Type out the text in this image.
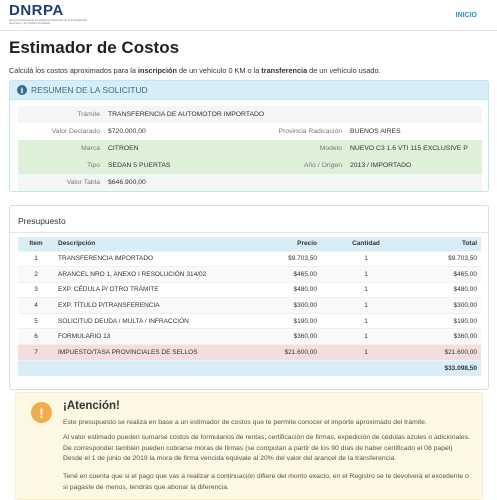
DNRPA
Dirección Nacional de los Registros Nacionales de la Propiedad del Automotor y de Créditos Prendarios
INICIO
Estimador de Costos

Calculá los costos aproximados para la inscripción de un vehículo 0 KM o la transferencia de un vehículo usado.

i RESUMEN DE LA SOLICITUD
Trámite	TRANSFERENCIA DE AUTOMOTOR IMPORTADO
Valor Declarado	$720.000,00	Provincia Radicación	BUENOS AIRES
Marca	CITROEN	Modelo	NUEVO C3 1.6 VTI 115 EXCLUSIVE P
Tipo	SEDAN 5 PUERTAS	Año / Origen	2013 / IMPORTADO
Valor Tabla	$646.900,00
Presupuesto
Item	Descripción	Precio	Cantidad	Total
1	TRANSFERENCIA IMPORTADO	$9.703,50	1	$9.703,50
2	ARANCEL NRO 1, ANEXO I RESOLUCIÓN 314/02	$465,00	1	$465,00
3	EXP. CÉDULA P/ OTRO TRÁMITE	$480,00	1	$480,00
4	EXP. TÍTULO P/TRANSFERENCIA	$300,00	1	$300,00
5	SOLICITUD DEUDA / MULTA / INFRACCIÓN	$190,00	1	$190,00
6	FORMULARIO 13	$360,00	1	$360,00
7	IMPUESTO/TASA PROVINCIALES DE SELLOS	$21.600,00	1	$21.600,00
				$33.098,50
!	¡Atención!

Este presupuesto se realiza en base a un estimador de costos que te permite conocer el importe aproximado del trámite.

Al valor estimado pueden sumarse costos de formularios de rentas, certificación de firmas, expedición de cédulas azules o adicionales. De corresponder también pueden cobrarse moras de firmas (se computan a partir de los 90 días de haber certificado el 08 papel) Desde el 1 de junio de 2019 la mora de firma vencida equivale al 20% del valor del arancel de la transferencia.

Tené en cuenta que si el pago que vas a realizar a continuación difiere del monto exacto, en el Registro se te devolverá el excedente o si pagaste de menos, tendrás que abonar la diferencia.
